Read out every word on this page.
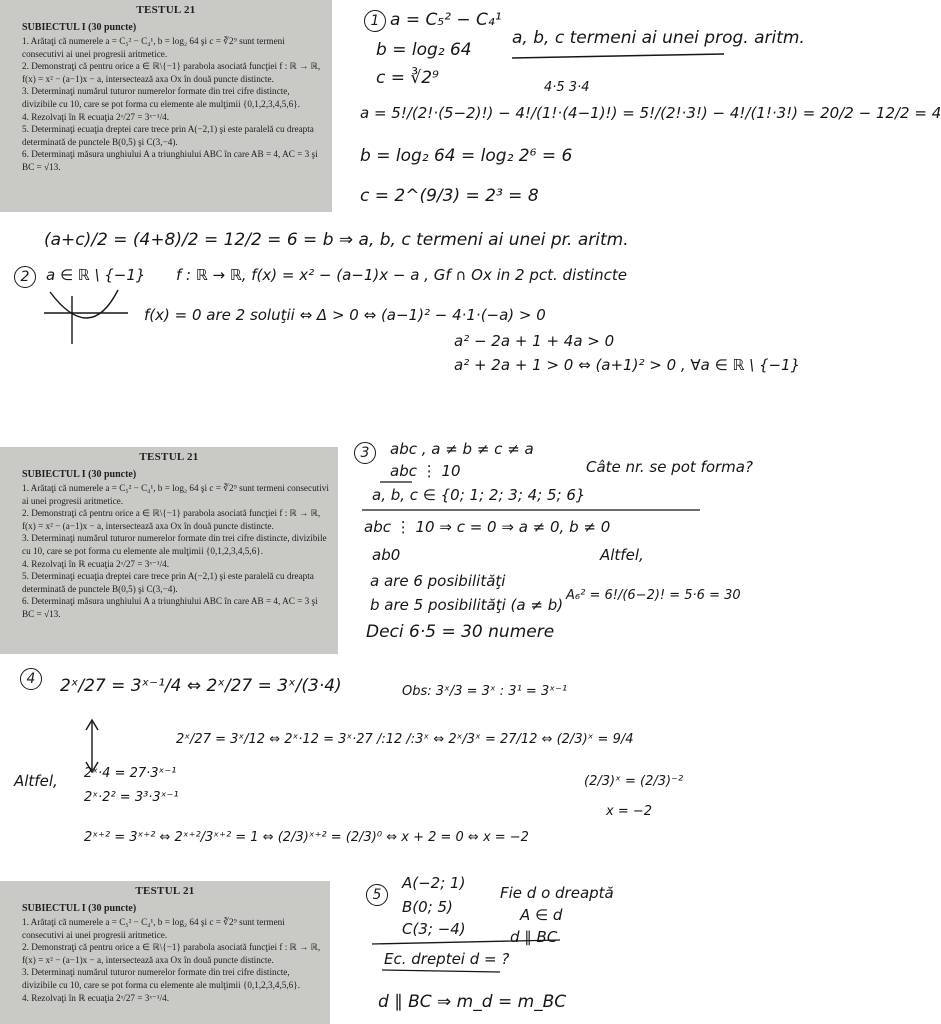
TESTUL 21
SUBIECTUL I (30 puncte)
1. Arătaţi că numerele a = C₅² − C₄¹, b = log₂ 64 şi c = ∛2⁹ sunt termeni consecutivi ai unei progresii aritmetice.
2. Demonstraţi că pentru orice a ∈ ℝ\{−1} parabola asociată funcţiei f : ℝ → ℝ, f(x) = x² − (a−1)x − a, intersectează axa Ox în două puncte distincte.
3. Determinaţi numărul tuturor numerelor formate din trei cifre distincte, divizibile cu 10, care se pot forma cu elemente ale mulţimii {0,1,2,3,4,5,6}.
4. Rezolvaţi în ℝ ecuaţia 2ˣ/27 = 3ˣ⁻¹/4.
5. Determinaţi ecuaţia dreptei care trece prin A(−2,1) şi este paralelă cu dreapta determinată de punctele B(0,5) şi C(3,−4).
6. Determinaţi măsura unghiului A a triunghiului ABC în care AB = 4, AC = 3 şi BC = √13.
TESTUL 21
SUBIECTUL I (30 puncte)
1. Arătaţi că numerele a = C₅² − C₄¹, b = log₂ 64 şi c = ∛2⁹ sunt termeni consecutivi ai unei progresii aritmetice.
2. Demonstraţi că pentru orice a ∈ ℝ\{−1} parabola asociată funcţiei f : ℝ → ℝ, f(x) = x² − (a−1)x − a, intersectează axa Ox în două puncte distincte.
3. Determinaţi numărul tuturor numerelor formate din trei cifre distincte, divizibile cu 10, care se pot forma cu elemente ale mulţimii {0,1,2,3,4,5,6}.
4. Rezolvaţi în ℝ ecuaţia 2ˣ/27 = 3ˣ⁻¹/4.
5. Determinaţi ecuaţia dreptei care trece prin A(−2,1) şi este paralelă cu dreapta determinată de punctele B(0,5) şi C(3,−4).
6. Determinaţi măsura unghiului A a triunghiului ABC în care AB = 4, AC = 3 şi BC = √13.
TESTUL 21
SUBIECTUL I (30 puncte)
1. Arătaţi că numerele a = C₅² − C₄¹, b = log₂ 64 şi c = ∛2⁹ sunt termeni consecutivi ai unei progresii aritmetice.
2. Demonstraţi că pentru orice a ∈ ℝ\{−1} parabola asociată funcţiei f : ℝ → ℝ, f(x) = x² − (a−1)x − a, intersectează axa Ox în două puncte distincte.
3. Determinaţi numărul tuturor numerelor formate din trei cifre distincte, divizibile cu 10, care se pot forma cu elemente ale mulţimii {0,1,2,3,4,5,6}.
4. Rezolvaţi în ℝ ecuaţia 2ˣ/27 = 3ˣ⁻¹/4.
1 a = C₅² − C₄¹
b = log₂ 64
c = ∛2⁹
a, b, c termeni ai unei prog. aritm.
4·5 3·4
a = 5!/(2!·(5−2)!) − 4!/(1!·(4−1)!) = 5!/(2!·3!) − 4!/(1!·3!) = 20/2 − 12/2 = 4
b = log₂ 64 = log₂ 2⁶ = 6
c = 2^(9/3) = 2³ = 8
(a+c)/2 = (4+8)/2 = 12/2 = 6 = b ⇒ a, b, c termeni ai unei pr. aritm.
2	a ∈ ℝ \ {−1} f : ℝ → ℝ, f(x) = x² − (a−1)x − a , Gf ∩ Ox in 2 pct. distincte
f(x) = 0 are 2 soluţii ⇔ Δ > 0 ⇔ (a−1)² − 4·1·(−a) > 0
a² − 2a + 1 + 4a > 0
a² + 2a + 1 > 0 ⇔ (a+1)² > 0 , ∀a ∈ ℝ \ {−1}
3	abc , a ≠ b ≠ c ≠ a
abc ⋮ 10	Câte nr. se pot forma?
a, b, c ∈ {0; 1; 2; 3; 4; 5; 6}
abc ⋮ 10 ⇒ c = 0 ⇒ a ≠ 0, b ≠ 0
ab0
a are 6 posibilităţi
b are 5 posibilităţi (a ≠ b)
Deci 6·5 = 30 numere
Altfel,
A₆² = 6!/(6−2)! = 5·6 = 30
4	2ˣ/27 = 3ˣ⁻¹/4 ⇔ 2ˣ/27 = 3ˣ/(3·4)	Obs: 3ˣ/3 = 3ˣ : 3¹ = 3ˣ⁻¹
2ˣ/27 = 3ˣ/12 ⇔ 2ˣ·12 = 3ˣ·27 /:12 /:3ˣ ⇔ 2ˣ/3ˣ = 27/12 ⇔ (2/3)ˣ = 9/4
(2/3)ˣ = (2/3)⁻²
x = −2
Altfel, 2ˣ·4 = 27·3ˣ⁻¹
2ˣ·2² = 3³·3ˣ⁻¹
2ˣ⁺² = 3ˣ⁺² ⇔ 2ˣ⁺²/3ˣ⁺² = 1 ⇔ (2/3)ˣ⁺² = (2/3)⁰ ⇔ x + 2 = 0 ⇔ x = −2
5
A(−2; 1)
B(0; 5)
C(3; −4)
Fie d o dreaptă
A ∈ d
d ∥ BC
Ec. dreptei d = ?
d ∥ BC ⇒ m_d = m_BC
